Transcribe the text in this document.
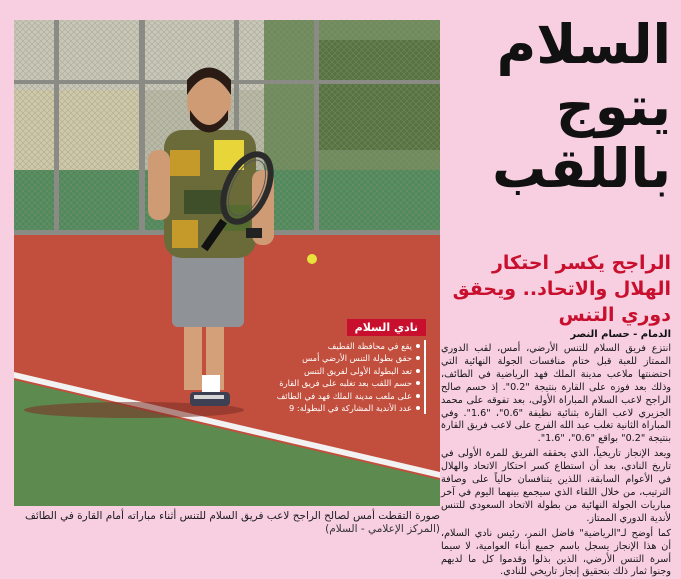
نادي السلام
يقع في محافظة القطيف
حقق بطولة التنس الأرضي أمس
تعد البطولة الأولى لفريق التنس
حسم اللقب بعد تغلبه على فريق القارة
على ملعب مدينة الملك فهد في الطائف
عدد الأندية المشاركة في البطولة: 9
صورة التقطت أمس لصالح الراجح لاعب فريق السلام للتنس أثناء مباراته أمام القارة في الطائف (المركز الإعلامي - السلام)
السلام
يتوج
باللقب
الراجح يكسر احتكار الهلال والاتحاد.. ويحقق دوري التنس
الدمام - حسام النصر

انتزع فريق السلام للتنس الأرضي، أمس، لقب الدوري الممتاز للعبة قبل ختام منافسات الجولة النهائية التي احتضنتها ملاعب مدينة الملك فهد الرياضية في الطائف، وذلك بعد فوزه على القارة بنتيجة "0.2". إذ حسم صالح الراجح لاعب السلام المباراة الأولى، بعد تفوقه على محمد الجزيري لاعب القارة بثنائية نظيفة "0.6"، "1.6". وفي المباراة الثانية تغلب عبد الله الفرج على لاعب فريق القارة بنتيجة "0.2" بواقع "0.6"، "1.6".

ويعد الإنجاز تاريخياً، الذي يحققه الفريق للمرة الأولى في تاريخ النادي، بعد أن استطاع كسر احتكار الاتحاد والهلال في الأعوام السابقة، اللذين يتنافسان حالياً على وصافة الترتيب، من خلال اللقاء الذي سيجمع بينهما اليوم في آخر مباريات الجولة النهائية من بطولة الاتحاد السعودي للتنس لأندية الدوري الممتاز.

كما أوضح لـ"الرياضية" فاضل النمر، رئيس نادي السلام، أن هذا الإنجاز يسجل باسم جميع أبناء العوامية، لا سيما أسرة التنس الأرضي، الذين بذلوا وقدموا كل ما لديهم وجنوا ثمار ذلك بتحقيق إنجاز تاريخي للنادي.
